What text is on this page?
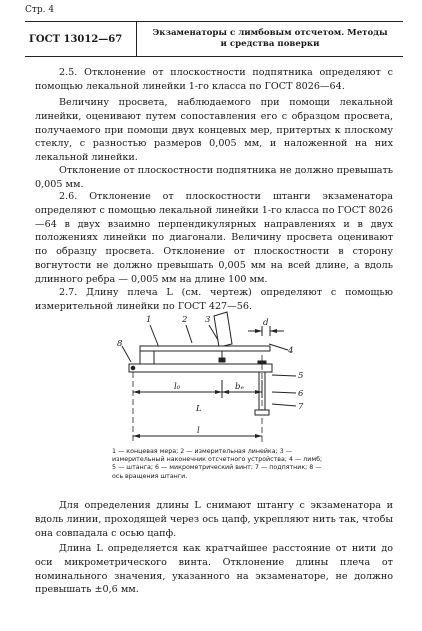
Стр. 4
ГОСТ 13012—67
Экзаменаторы с лимбовым отсчетом. Методы
и средства поверки

2.5. Отклонение от плоскостности подпятника определяют с помощью лекальной линейки 1-го класса по ГОСТ 8026—64.

Величину просвета, наблюдаемого при помощи лекальной линейки, оценивают путем сопоставления его с образцом просвета, получаемого при помощи двух концевых мер, притертых к плоскому стеклу, с разностью размеров 0,005 мм, и наложенной на них лекальной линейки.

Отклонение от плоскостности подпятника не должно превышать 0,005 мм.

2.6. Отклонение от плоскостности штанги экзаменатора определяют с помощью лекальной линейки 1-го класса по ГОСТ 8026—64 в двух взаимно перпендикулярных направлениях и в двух положениях линейки по диагонали. Величину просвета оценивают по образцу просвета. Отклонение от плоскостности в сторону вогнутости не должно превышать 0,005 мм на всей длине, а вдоль длинного ребра — 0,005 мм на длине 100 мм.

2.7. Длину плеча L (см. чертеж) определяют с помощью измерительной линейки по ГОСТ 427—56.

1	2 3
4
5
6
7
8
d
l₀	bₑ
L
l
1 — концевая мера; 2 — измерительная линейка; 3 — измерительный наконечник отсчетного устройства; 4 — лимб; 5 — штанга; 6 — микрометрический винт; 7 — подпятник; 8 — ось вращения штанги.

Для определения длины L снимают штангу с экзаменатора и вдоль линии, проходящей через ось цапф, укрепляют нить так, чтобы она совпадала с осью цапф.

Длина L определяется как кратчайшее расстояние от нити до оси микрометрического винта. Отклонение длины плеча от номинального значения, указанного на экзаменаторе, не должно превышать ±0,6 мм.
